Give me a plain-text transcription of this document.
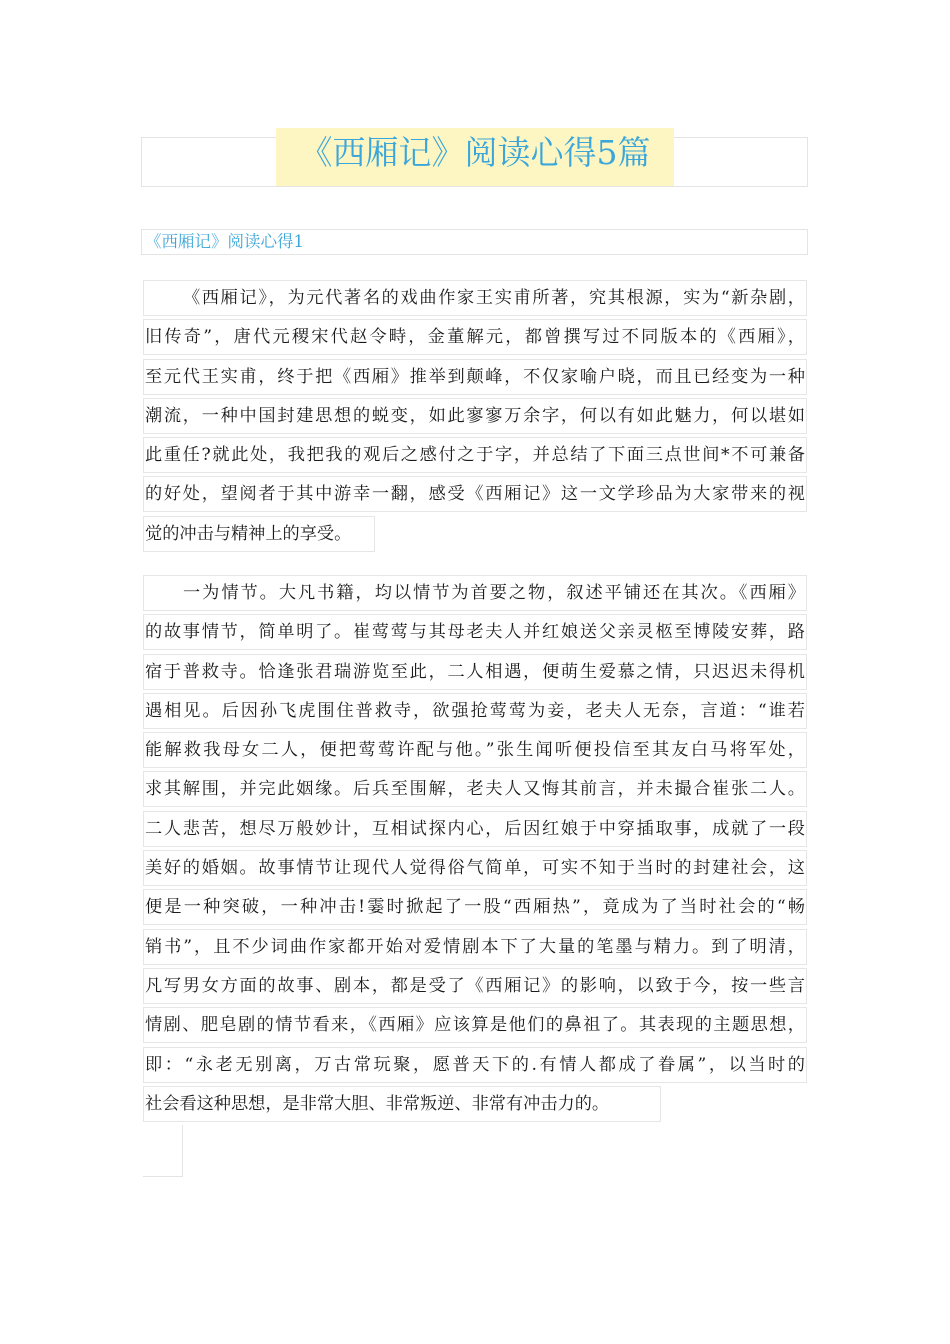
《西厢记》阅读心得5篇
《西厢记》阅读心得1
《西厢记》，为元代著名的戏曲作家王实甫所著，究其根源，实为“新杂剧，
旧传奇”，唐代元稷宋代赵令畤，金董解元，都曾撰写过不同版本的《西厢》，
至元代王实甫，终于把《西厢》推举到颠峰，不仅家喻户晓，而且已经变为一种
潮流，一种中国封建思想的蜕变，如此寥寥万余字，何以有如此魅力，何以堪如
此重任?就此处，我把我的观后之感付之于字，并总结了下面三点世间*不可兼备
的好处，望阅者于其中游幸一翻，感受《西厢记》这一文学珍品为大家带来的视
觉的冲击与精神上的享受。
一为情节。大凡书籍，均以情节为首要之物，叙述平铺还在其次。《西厢》
的故事情节，简单明了。崔莺莺与其母老夫人并红娘送父亲灵柩至博陵安葬，路
宿于普救寺。恰逢张君瑞游览至此，二人相遇，便萌生爱慕之情，只迟迟未得机
遇相见。后因孙飞虎围住普救寺，欲强抢莺莺为妾，老夫人无奈，言道：“谁若
能解救我母女二人，便把莺莺许配与他。”张生闻听便投信至其友白马将军处，
求其解围，并完此姻缘。后兵至围解，老夫人又悔其前言，并未撮合崔张二人。
二人悲苦，想尽万般妙计，互相试探内心，后因红娘于中穿插取事，成就了一段
美好的婚姻。故事情节让现代人觉得俗气简单，可实不知于当时的封建社会，这
便是一种突破，一种冲击!霎时掀起了一股“西厢热”，竟成为了当时社会的“畅
销书”，且不少词曲作家都开始对爱情剧本下了大量的笔墨与精力。到了明清，
凡写男女方面的故事、剧本，都是受了《西厢记》的影响，以致于今，按一些言
情剧、肥皂剧的情节看来，《西厢》应该算是他们的鼻祖了。其表现的主题思想，
即：“永老无别离，万古常玩聚，愿普天下的.有情人都成了眷属”，以当时的
社会看这种思想，是非常大胆、非常叛逆、非常有冲击力的。
